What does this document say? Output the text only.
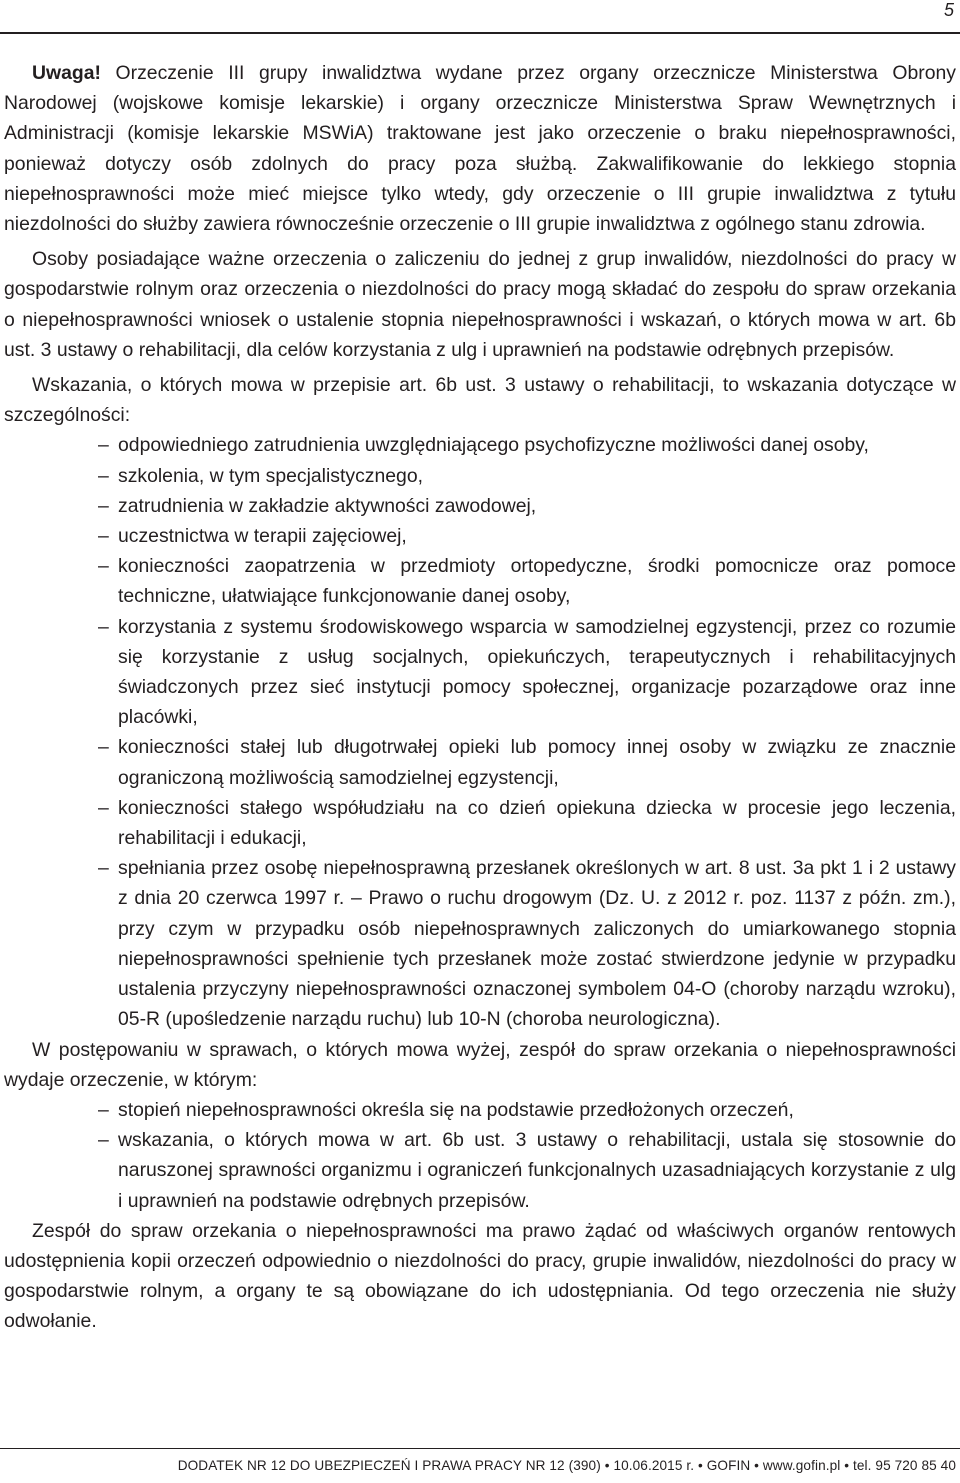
5

Uwaga! Orzeczenie III grupy inwalidztwa wydane przez organy orzecznicze Ministerstwa Obrony Narodowej (wojskowe komisje lekarskie) i organy orzecznicze Ministerstwa Spraw Wewnętrznych i Administracji (komisje lekarskie MSWiA) traktowane jest jako orzeczenie o braku niepełnosprawności, ponieważ dotyczy osób zdolnych do pracy poza służbą. Zakwalifikowanie do lekkiego stopnia niepełnosprawności może mieć miejsce tylko wtedy, gdy orzeczenie o III grupie inwalidztwa z tytułu niezdolności do służby zawiera równocześnie orzeczenie o III grupie inwalidztwa z ogólnego stanu zdrowia.

Osoby posiadające ważne orzeczenia o zaliczeniu do jednej z grup inwalidów, niezdolności do pracy w gospodarstwie rolnym oraz orzeczenia o niezdolności do pracy mogą składać do zespołu do spraw orzekania o niepełnosprawności wniosek o ustalenie stopnia niepełnosprawności i wskazań, o których mowa w art. 6b ust. 3 ustawy o rehabilitacji, dla celów korzystania z ulg i uprawnień na podstawie odrębnych przepisów.

Wskazania, o których mowa w przepisie art. 6b ust. 3 ustawy o rehabilitacji, to wskazania dotyczące w szczególności:

– odpowiedniego zatrudnienia uwzględniającego psychofizyczne możliwości danej osoby,
– szkolenia, w tym specjalistycznego,
– zatrudnienia w zakładzie aktywności zawodowej,
– uczestnictwa w terapii zajęciowej,
– konieczności zaopatrzenia w przedmioty ortopedyczne, środki pomocnicze oraz pomoce techniczne, ułatwiające funkcjonowanie danej osoby,
– korzystania z systemu środowiskowego wsparcia w samodzielnej egzystencji, przez co rozumie się korzystanie z usług socjalnych, opiekuńczych, terapeutycznych i rehabilitacyjnych świadczonych przez sieć instytucji pomocy społecznej, organizacje pozarządowe oraz inne placówki,
– konieczności stałej lub długotrwałej opieki lub pomocy innej osoby w związku ze znacznie ograniczoną możliwością samodzielnej egzystencji,
– konieczności stałego współudziału na co dzień opiekuna dziecka w procesie jego leczenia, rehabilitacji i edukacji,
– spełniania przez osobę niepełnosprawną przesłanek określonych w art. 8 ust. 3a pkt 1 i 2 ustawy z dnia 20 czerwca 1997 r. – Prawo o ruchu drogowym (Dz. U. z 2012 r. poz. 1137 z późn. zm.), przy czym w przypadku osób niepełnosprawnych zaliczonych do umiarkowanego stopnia niepełnosprawności spełnienie tych przesłanek może zostać stwierdzone jedynie w przypadku ustalenia przyczyny niepełnosprawności oznaczonej symbolem 04-O (choroby narządu wzroku), 05-R (upośledzenie narządu ruchu) lub 10-N (choroba neurologiczna).

W postępowaniu w sprawach, o których mowa wyżej, zespół do spraw orzekania o niepełnosprawności wydaje orzeczenie, w którym:

– stopień niepełnosprawności określa się na podstawie przedłożonych orzeczeń,
– wskazania, o których mowa w art. 6b ust. 3 ustawy o rehabilitacji, ustala się stosownie do naruszonej sprawności organizmu i ograniczeń funkcjonalnych uzasadniających korzystanie z ulg i uprawnień na podstawie odrębnych przepisów.

Zespół do spraw orzekania o niepełnosprawności ma prawo żądać od właściwych organów rentowych udostępnienia kopii orzeczeń odpowiednio o niezdolności do pracy, grupie inwalidów, niezdolności do pracy w gospodarstwie rolnym, a organy te są obowiązane do ich udostępniania. Od tego orzeczenia nie służy odwołanie.

DODATEK NR 12 DO UBEZPIECZEŃ I PRAWA PRACY NR 12 (390) • 10.06.2015 r. • GOFIN • www.gofin.pl • tel. 95 720 85 40
